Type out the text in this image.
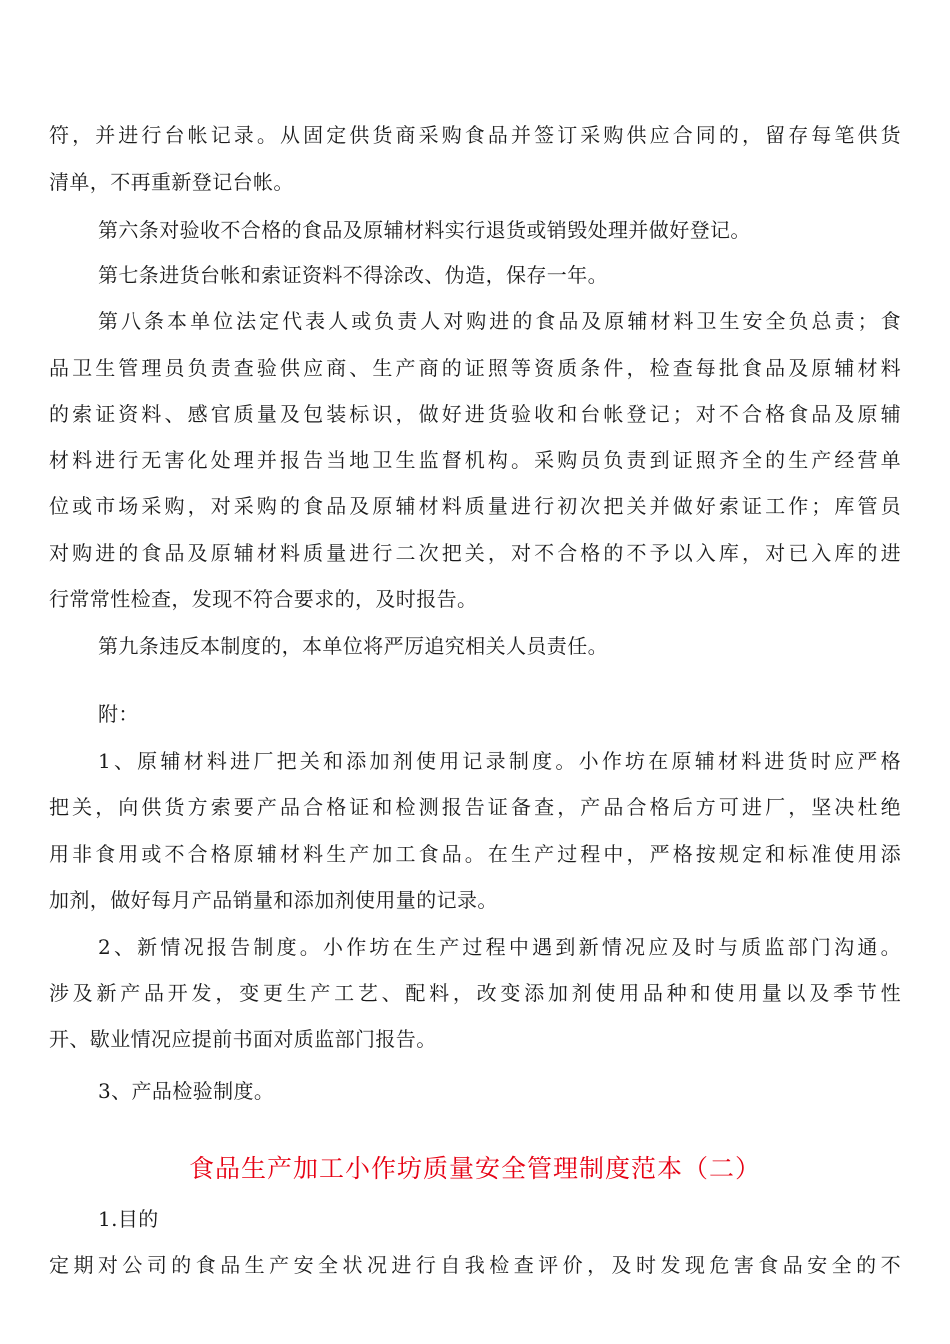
符，并进行台帐记录。从固定供货商采购食品并签订采购供应合同的，留存每笔供货
清单，不再重新登记台帐。
第六条对验收不合格的食品及原辅材料实行退货或销毁处理并做好登记。
第七条进货台帐和索证资料不得涂改、伪造，保存一年。
第八条本单位法定代表人或负责人对购进的食品及原辅材料卫生安全负总责；食
品卫生管理员负责查验供应商、生产商的证照等资质条件，检查每批食品及原辅材料
的索证资料、感官质量及包装标识，做好进货验收和台帐登记；对不合格食品及原辅
材料进行无害化处理并报告当地卫生监督机构。采购员负责到证照齐全的生产经营单
位或市场采购，对采购的食品及原辅材料质量进行初次把关并做好索证工作；库管员
对购进的食品及原辅材料质量进行二次把关，对不合格的不予以入库，对已入库的进
行常常性检查，发现不符合要求的，及时报告。
第九条违反本制度的，本单位将严厉追究相关人员责任。
附：
1、原辅材料进厂把关和添加剂使用记录制度。小作坊在原辅材料进货时应严格
把关，向供货方索要产品合格证和检测报告证备查，产品合格后方可进厂，坚决杜绝
用非食用或不合格原辅材料生产加工食品。在生产过程中，严格按规定和标准使用添
加剂，做好每月产品销量和添加剂使用量的记录。
2、新情况报告制度。小作坊在生产过程中遇到新情况应及时与质监部门沟通。
涉及新产品开发，变更生产工艺、配料，改变添加剂使用品种和使用量以及季节性
开、歇业情况应提前书面对质监部门报告。
3、产品检验制度。
食品生产加工小作坊质量安全管理制度范本（二）
1.目的
定期对公司的食品生产安全状况进行自我检查评价，及时发现危害食品安全的不
